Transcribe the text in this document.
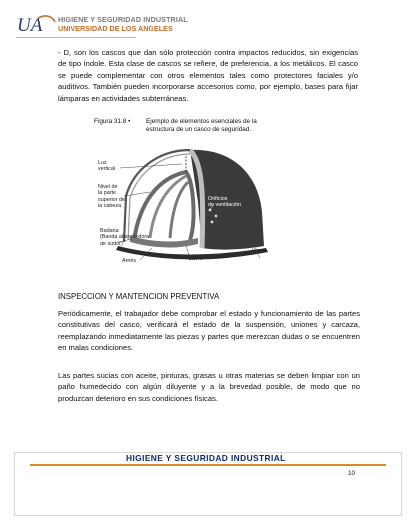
UA HIGIENE Y SEGURIDAD INDUSTRIAL
UNIVERSIDAD DE LOS ANGELES

- D, son los cascos que dan sólo protección contra impactos reducidos, sin exigencias de tipo índole. Esta clase de cascos se refiere, de preferencia, a los metálicos. El casco se puede complementar con otros elementos tales como protectores faciales y/o auditivos. También pueden incorporarse accesorios como, por ejemplo, bases para fijar lámparas en actividades subterráneas.

Figura 31.8 • Ejemplo de elementos esenciales de la
estructura de un casco de seguridad.
Luz
vertical
Nivel de
la parte
superior de
la cabeza
Orificios
de ventilación
Badana
(Banda absorbedora
de sudor)
Arnés	Cierre
Visera
INSPECCION Y MANTENCION PREVENTIVA

Periódicamente, el trabajador debe comprobar el estado y funcionamiento de las partes constitutivas del casco, verificará el estado de la suspensión, uniones y carcaza, reemplazando inmediatamente las piezas y partes que merezcan dudas o se encuentren en malas condiciones.

Las partes sucias con aceite, pinturas, grasas u otras materias se deben limpiar con un paño humedecido con algún diluyente y a la brevedad posible, de modo que no produzcan deterioro en sus condiciones físicas.

HIGIENE Y SEGURIDAD INDUSTRIAL
10
